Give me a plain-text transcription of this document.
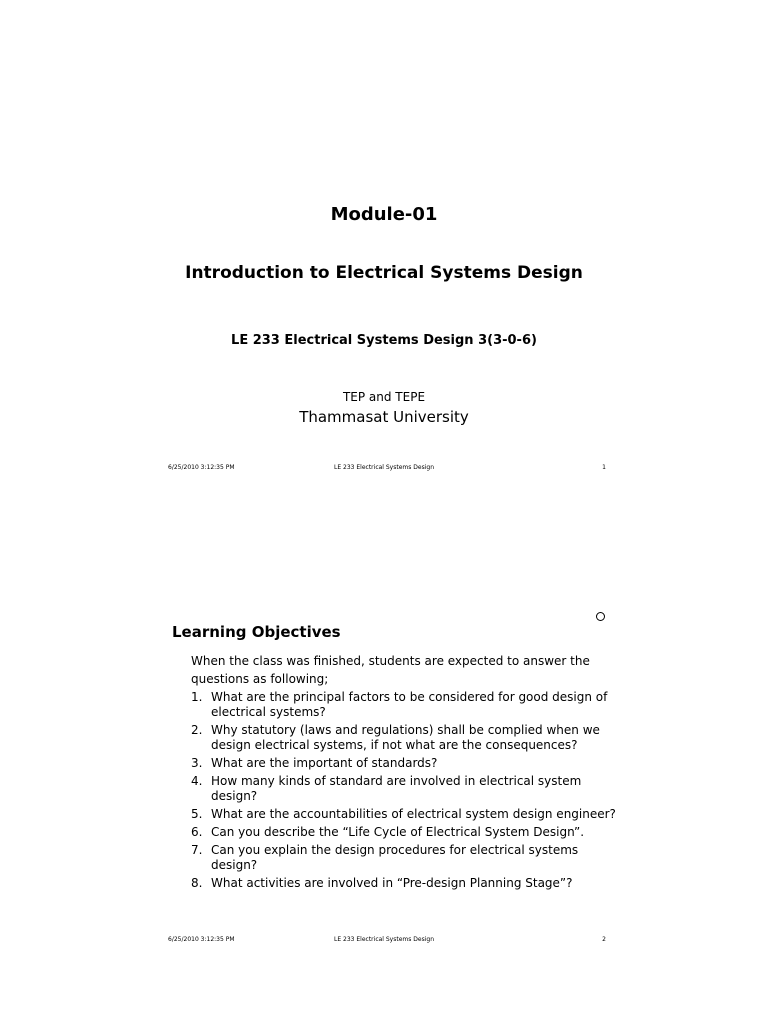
Module-01
Introduction to Electrical Systems Design
LE 233 Electrical Systems Design 3(3-0-6)
TEP and TEPE
Thammasat University
6/25/2010 3:12:35 PM	LE 233 Electrical Systems Design	1
Learning Objectives
When the class was finished, students are expected to answer the questions as following;
1. What are the principal factors to be considered for good design of electrical systems?
2. Why statutory (laws and regulations) shall be complied when we design electrical systems, if not what are the consequences?
3. What are the important of standards?
4. How many kinds of standard are involved in electrical system design?
5. What are the accountabilities of electrical system design engineer?
6. Can you describe the “Life Cycle of Electrical System Design”.
7. Can you explain the design procedures for electrical systems design?
8. What activities are involved in “Pre-design Planning Stage”?
6/25/2010 3:12:35 PM	LE 233 Electrical Systems Design	2
